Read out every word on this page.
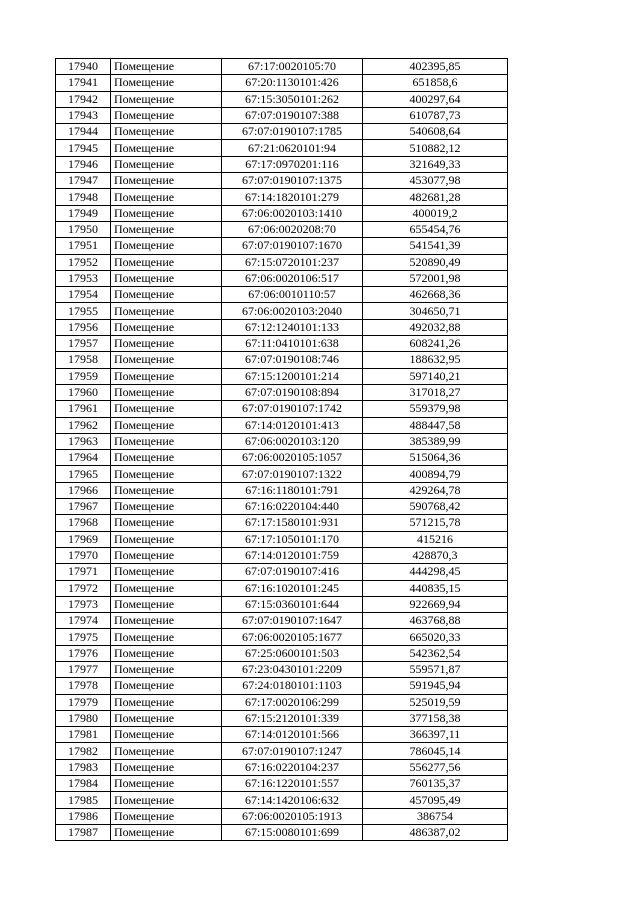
17940	Помещение	67:17:0020105:70	402395,85
17941	Помещение	67:20:1130101:426	651858,6
17942	Помещение	67:15:3050101:262	400297,64
17943	Помещение	67:07:0190107:388	610787,73
17944	Помещение	67:07:0190107:1785	540608,64
17945	Помещение	67:21:0620101:94	510882,12
17946	Помещение	67:17:0970201:116	321649,33
17947	Помещение	67:07:0190107:1375	453077,98
17948	Помещение	67:14:1820101:279	482681,28
17949	Помещение	67:06:0020103:1410	400019,2
17950	Помещение	67:06:0020208:70	655454,76
17951	Помещение	67:07:0190107:1670	541541,39
17952	Помещение	67:15:0720101:237	520890,49
17953	Помещение	67:06:0020106:517	572001,98
17954	Помещение	67:06:0010110:57	462668,36
17955	Помещение	67:06:0020103:2040	304650,71
17956	Помещение	67:12:1240101:133	492032,88
17957	Помещение	67:11:0410101:638	608241,26
17958	Помещение	67:07:0190108:746	188632,95
17959	Помещение	67:15:1200101:214	597140,21
17960	Помещение	67:07:0190108:894	317018,27
17961	Помещение	67:07:0190107:1742	559379,98
17962	Помещение	67:14:0120101:413	488447,58
17963	Помещение	67:06:0020103:120	385389,99
17964	Помещение	67:06:0020105:1057	515064,36
17965	Помещение	67:07:0190107:1322	400894,79
17966	Помещение	67:16:1180101:791	429264,78
17967	Помещение	67:16:0220104:440	590768,42
17968	Помещение	67:17:1580101:931	571215,78
17969	Помещение	67:17:1050101:170	415216
17970	Помещение	67:14:0120101:759	428870,3
17971	Помещение	67:07:0190107:416	444298,45
17972	Помещение	67:16:1020101:245	440835,15
17973	Помещение	67:15:0360101:644	922669,94
17974	Помещение	67:07:0190107:1647	463768,88
17975	Помещение	67:06:0020105:1677	665020,33
17976	Помещение	67:25:0600101:503	542362,54
17977	Помещение	67:23:0430101:2209	559571,87
17978	Помещение	67:24:0180101:1103	591945,94
17979	Помещение	67:17:0020106:299	525019,59
17980	Помещение	67:15:2120101:339	377158,38
17981	Помещение	67:14:0120101:566	366397,11
17982	Помещение	67:07:0190107:1247	786045,14
17983	Помещение	67:16:0220104:237	556277,56
17984	Помещение	67:16:1220101:557	760135,37
17985	Помещение	67:14:1420106:632	457095,49
17986	Помещение	67:06:0020105:1913	386754
17987	Помещение	67:15:0080101:699	486387,02
